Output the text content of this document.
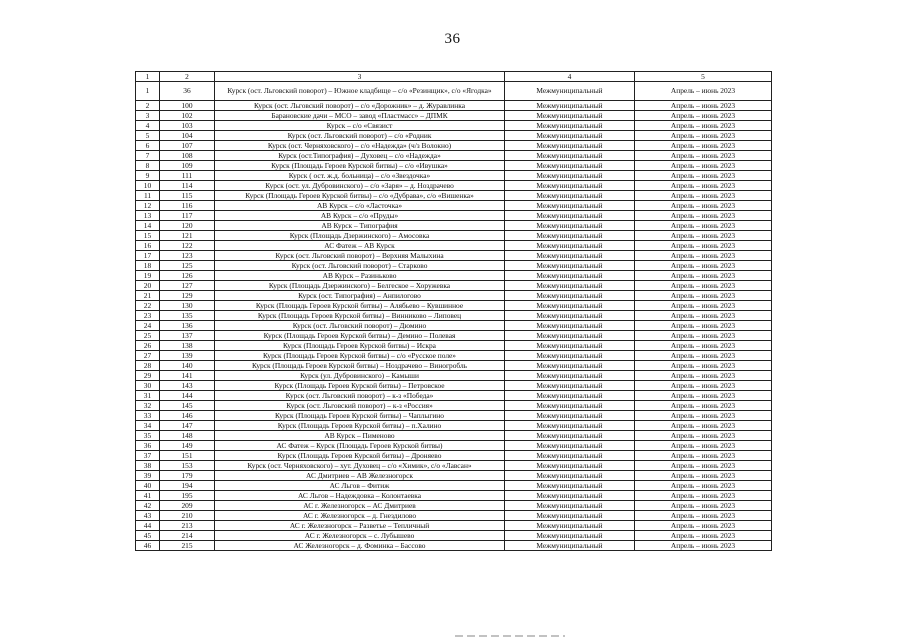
36
1	2	3	4	5
1	36	Курск (ост. Льговский поворот) – Южное кладбище – с/о «Резинщик», с/о «Ягодка»	Межмуниципальный	Апрель – июнь 2023
2	100	Курск (ост. Льговский поворот) – с/о «Дорожник» – д. Журавлинка	Межмуниципальный	Апрель – июнь 2023
3	102	Барановские дачи – МСО – завод «Пластмасс» – ДПМК	Межмуниципальный	Апрель – июнь 2023
4	103	Курск – с/о «Связист	Межмуниципальный	Апрель – июнь 2023
5	104	Курск (ост. Льговский поворот) – с/о «Родник	Межмуниципальный	Апрель – июнь 2023
6	107	Курск (ост. Черняховского) – с/о «Надежда» (ч/з Волокно)	Межмуниципальный	Апрель – июнь 2023
7	108	Курск (ост.Типография) – Духовец – с/о «Надежда»	Межмуниципальный	Апрель – июнь 2023
8	109	Курск (Площадь Героев Курской битвы) – с/о «Ивушка»	Межмуниципальный	Апрель – июнь 2023
9	111	Курск ( ост. ж.д. больница) – с/о «Звездочка»	Межмуниципальный	Апрель – июнь 2023
10	114	Курск (ост. ул. Дубровинского) – с/о «Заря» – д. Ноздрачево	Межмуниципальный	Апрель – июнь 2023
11	115	Курск (Площадь Героев Курской битвы) – с/о «Дубрава», с/о «Вишенка»	Межмуниципальный	Апрель – июнь 2023
12	116	АВ Курск – с/о «Ласточка»	Межмуниципальный	Апрель – июнь 2023
13	117	АВ Курск – с/о «Пруды»	Межмуниципальный	Апрель – июнь 2023
14	120	АВ Курск – Типография	Межмуниципальный	Апрель – июнь 2023
15	121	Курск (Площадь Дзержинского) – Амосовка	Межмуниципальный	Апрель – июнь 2023
16	122	АС Фатеж – АВ Курск	Межмуниципальный	Апрель – июнь 2023
17	123	Курск (ост. Льговский поворот) – Верхняя Малыхина	Межмуниципальный	Апрель – июнь 2023
18	125	Курск (ост. Льговский поворот) – Старково	Межмуниципальный	Апрель – июнь 2023
19	126	АВ Курск – Разиньково	Межмуниципальный	Апрель – июнь 2023
20	127	Курск (Площадь Дзержинского) – Белгеское – Хоружевка	Межмуниципальный	Апрель – июнь 2023
21	129	Курск (ост. Типография) – Анпилогово	Межмуниципальный	Апрель – июнь 2023
22	130	Курск (Площадь Героев Курской битвы) – Алябьево – Кувшинное	Межмуниципальный	Апрель – июнь 2023
23	135	Курск (Площадь Героев Курской битвы) – Винниково – Липовец	Межмуниципальный	Апрель – июнь 2023
24	136	Курск (ост. Льговский поворот) – Дюмино	Межмуниципальный	Апрель – июнь 2023
25	137	Курск (Площадь Героев Курской битвы) – Демино – Полевая	Межмуниципальный	Апрель – июнь 2023
26	138	Курск (Площадь Героев Курской битвы) – Искра	Межмуниципальный	Апрель – июнь 2023
27	139	Курск (Площадь Героев Курской битвы) – с/о «Русское поле»	Межмуниципальный	Апрель – июнь 2023
28	140	Курск (Площадь Героев Курской битвы) – Ноздрачево – Виногробль	Межмуниципальный	Апрель – июнь 2023
29	141	Курск (ул. Дубровинского) – Камыши	Межмуниципальный	Апрель – июнь 2023
30	143	Курск (Площадь Героев Курской битвы) – Петровское	Межмуниципальный	Апрель – июнь 2023
31	144	Курск (ост. Льговский поворот) – к-з «Победа»	Межмуниципальный	Апрель – июнь 2023
32	145	Курск (ост. Льговский поворот) – к-з «Россия»	Межмуниципальный	Апрель – июнь 2023
33	146	Курск (Площадь Героев Курской битвы) – Чаплыгино	Межмуниципальный	Апрель – июнь 2023
34	147	Курск (Площадь Героев Курской битвы) – п.Халино	Межмуниципальный	Апрель – июнь 2023
35	148	АВ Курск – Пименово	Межмуниципальный	Апрель – июнь 2023
36	149	АС Фатеж – Курск (Площадь Героев Курской битвы)	Межмуниципальный	Апрель – июнь 2023
37	151	Курск (Площадь Героев Курской битвы) – Дроняево	Межмуниципальный	Апрель – июнь 2023
38	153	Курск (ост. Черняховского) – хут. Духовец – с/о «Химик», с/о «Лавсан»	Межмуниципальный	Апрель – июнь 2023
39	179	АС Дмитриев – АВ Железногорск	Межмуниципальный	Апрель – июнь 2023
40	194	АС Льгов – Фитиж	Межмуниципальный	Апрель – июнь 2023
41	195	АС Льгов – Надеждовка – Колонтаевка	Межмуниципальный	Апрель – июнь 2023
42	209	АС г. Железногорск – АС Дмитриев	Межмуниципальный	Апрель – июнь 2023
43	210	АС г. Железногорск – д. Гнездилово	Межмуниципальный	Апрель – июнь 2023
44	213	АС г. Железногорск – Разветье – Тепличный	Межмуниципальный	Апрель – июнь 2023
45	214	АС г. Железногорск – с. Лубышево	Межмуниципальный	Апрель – июнь 2023
46	215	АС Железногорск – д. Фоминка – Бассово	Межмуниципальный	Апрель – июнь 2023
